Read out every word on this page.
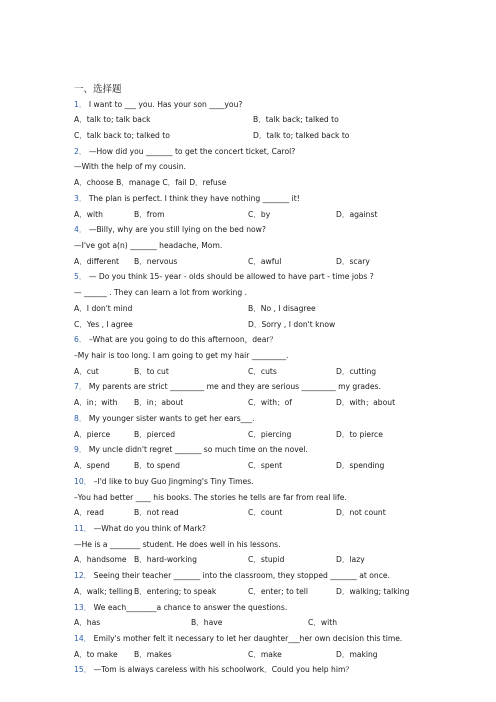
一、选择题
1． I want to ___ you. Has your son ____you?
A．talk to; talk back	B．talk back; talked to
C．talk back to; talked to	D．talk to; talked back to
2． —How did you _______ to get the concert ticket, Carol?
—With the help of my cousin.
A．choose B．manage C．fail D．refuse
3． The plan is perfect. I think they have nothing _______ it!
A．with	B．from	C．by	D．against
4． —Billy, why are you still lying on the bed now?
—I've got a(n) _______ headache, Mom.
A．different B．nervous	C．awful	D．scary
5． — Do you think 15- year - olds should be allowed to have part - time jobs ?
— ______ . They can learn a lot from working .
A．I don't mind	B．No , I disagree
C．Yes , I agree	D．Sorry , I don't know
6． –What are you going to do this afternoon，dear？
–My hair is too long. I am going to get my hair _________.
A．cut	B．to cut	C．cuts	D．cutting
7． My parents are strict _________ me and they are serious _________ my grades.
A．in；with B．in；about	C．with；of	D．with；about
8． My younger sister wants to get her ears___.
A．pierce	B．pierced	C．piercing	D．to pierce
9． My uncle didn't regret _______ so much time on the novel.
A．spend	B．to spend	C．spent	D．spending
10． –I'd like to buy Guo Jingming's Tiny Times.
–You had better ____ his books. The stories he tells are far from real life.
A．read	B．not read	C．count	D．not count
11． —What do you think of Mark?
—He is a ________ student. He does well in his lessons.
A．handsome B．hard-working	C．stupid	D．lazy
12． Seeing their teacher _______ into the classroom, they stopped _______ at once.
A．walk; telling B．entering; to speak	C．enter; to tell	D．walking; talking
13． We each________a chance to answer the questions.
A．has	B．have	C．with
14． Emily's mother felt it necessary to let her daughter___her own decision this time.
A．to make B．makes	C．make	D．making
15． —Tom is always careless with his schoolwork．Could you help him？
